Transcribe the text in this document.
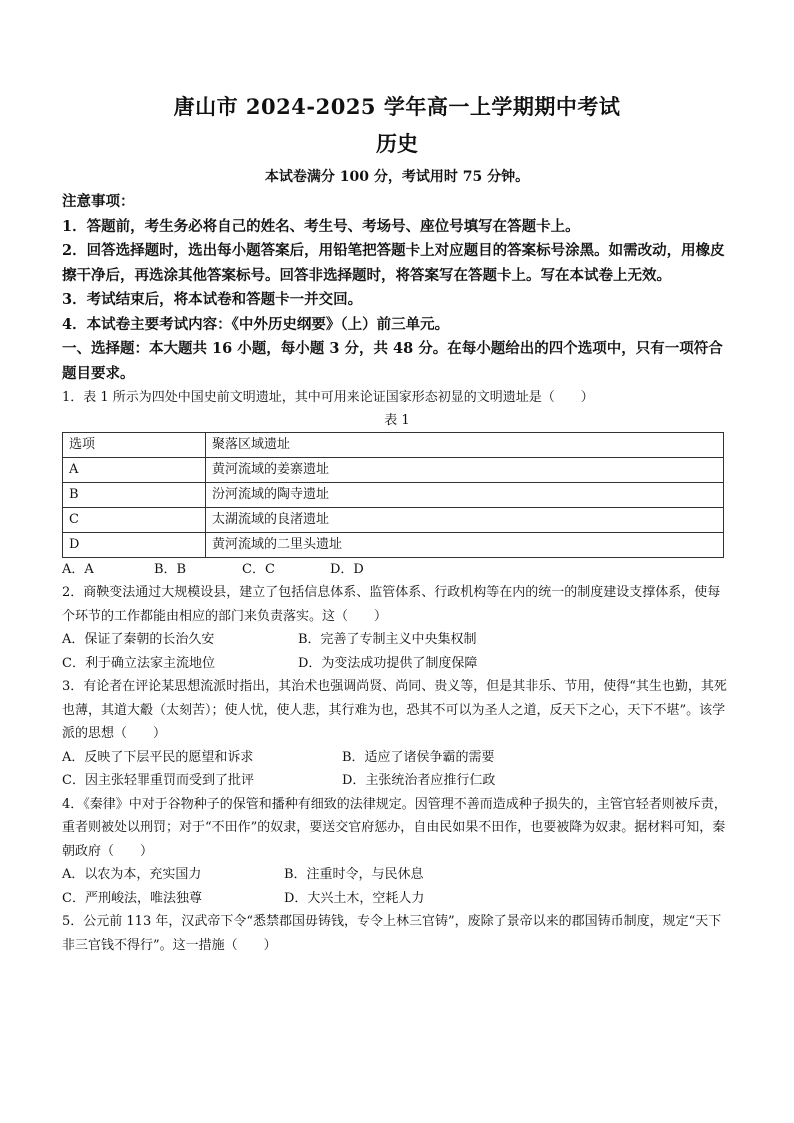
唐山市 2024-2025 学年高一上学期期中考试
历史
本试卷满分 100 分，考试用时 75 分钟。
注意事项：
1．答题前，考生务必将自己的姓名、考生号、考场号、座位号填写在答题卡上。
2．回答选择题时，选出每小题答案后，用铅笔把答题卡上对应题目的答案标号涂黑。如需改动，用橡皮擦干净后，再选涂其他答案标号。回答非选择题时，将答案写在答题卡上。写在本试卷上无效。
3．考试结束后，将本试卷和答题卡一并交回。
4．本试卷主要考试内容：《中外历史纲要》（上）前三单元。
一、选择题：本大题共 16 小题，每小题 3 分，共 48 分。在每小题给出的四个选项中，只有一项符合题目要求。
1．表 1 所示为四处中国史前文明遗址，其中可用来论证国家形态初显的文明遗址是（　　）
表 1
选项	聚落区域遗址
A	黄河流域的姜寨遗址
B	汾河流域的陶寺遗址
C	太湖流域的良渚遗址
D	黄河流域的二里头遗址
A．A	B．B	C．C	D．D
2．商鞅变法通过大规模设县，建立了包括信息体系、监管体系、行政机构等在内的统一的制度建设支撑体系，使每个环节的工作都能由相应的部门来负责落实。这（　　）
A．保证了秦朝的长治久安	B．完善了专制主义中央集权制
C．利于确立法家主流地位	D．为变法成功提供了制度保障
3．有论者在评论某思想流派时指出，其治术也强调尚贤、尚同、贵义等，但是其非乐、节用，使得“其生也勤，其死也薄，其道大觳（太刻苦）；使人忧，使人悲，其行难为也，恐其不可以为圣人之道，反天下之心，天下不堪”。该学派的思想（　　）
A．反映了下层平民的愿望和诉求	B．适应了诸侯争霸的需要
C．因主张轻罪重罚而受到了批评	D．主张统治者应推行仁政
4．《秦律》中对于谷物种子的保管和播种有细致的法律规定。因管理不善而造成种子损失的，主管官轻者则被斥责，重者则被处以刑罚；对于“不田作”的奴隶，要送交官府惩办，自由民如果不田作，也要被降为奴隶。据材料可知，秦朝政府（　　）
A．以农为本，充实国力	B．注重时令，与民休息
C．严刑峻法，唯法独尊	D．大兴土木，空耗人力
5．公元前 113 年，汉武帝下令“悉禁郡国毋铸钱，专令上林三官铸”，废除了景帝以来的郡国铸币制度，规定“天下非三官钱不得行”。这一措施（　　）
